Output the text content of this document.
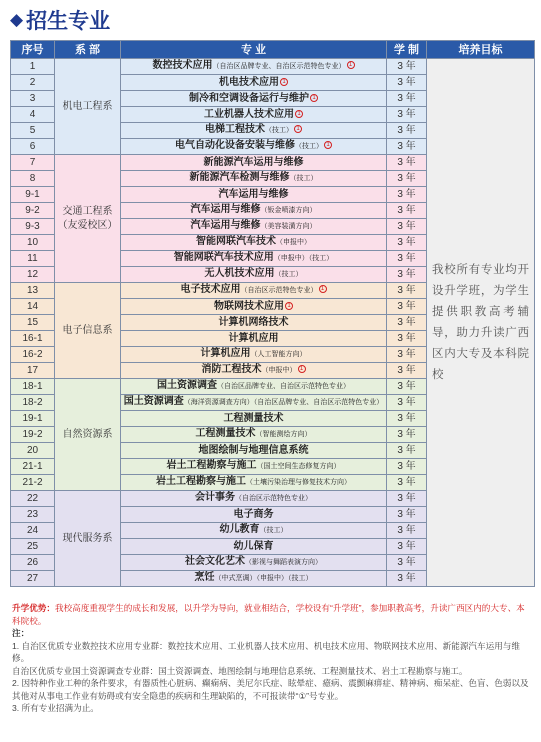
◆ 招生专业
序号	系 部	专 业	学 制	培养目标
1	机电工程系	数控技术应用（自治区品牌专业、自治区示范特色专业） 1	3 年	我校所有专业均开设升学班，为学生提供职教高考辅导，助力升读广西区内大专及本科院校
2		机电技术应用 1	3 年	
3		制冷和空调设备运行与维护 1	3 年	
4		工业机器人技术应用 1	3 年	
5		电梯工程技术（技工） 1	3 年	
6		电气自动化设备安装与维修（技工） 1	3 年	
7	交通工程系（友爱校区）	新能源汽车运用与维修	3 年	
8		新能源汽车检测与维修（技工）	3 年	
9-1		汽车运用与维修	3 年	
9-2		汽车运用与维修（钣金喷漆方向）	3 年	
9-3		汽车运用与维修（美容装潢方向）	3 年	
10		智能网联汽车技术（申报中）	3 年	
11		智能网联汽车技术应用（申报中）（技工）	3 年	
12		无人机技术应用（技工）	3 年	
13	电子信息系	电子技术应用（自治区示范特色专业） 1	3 年	
14		物联网技术应用 1	3 年	
15		计算机网络技术	3 年	
16-1		计算机应用	3 年	
16-2		计算机应用（人工智能方向）	3 年	
17		消防工程技术（申报中） 1	3 年	
18-1	自然资源系	国土资源调查（自治区品牌专业、自治区示范特色专业）	3 年	
18-2		国土资源调查（海洋资源调查方向）（自治区品牌专业、自治区示范特色专业）	3 年	
19-1		工程测量技术	3 年	
19-2		工程测量技术（智能测绘方向）	3 年	
20		地图绘制与地理信息系统	3 年	
21-1		岩土工程勘察与施工（国土空间生态修复方向）	3 年	
21-2		岩土工程勘察与施工（土壤污染治理与修复技术方向）	3 年	
22	现代服务系	会计事务（自治区示范特色专业）	3 年	
23		电子商务	3 年	
24		幼儿教育（技工）	3 年	
25		幼儿保育	3 年	
26		社会文化艺术（影视与舞蹈表演方向）	3 年	
27		烹饪（中式烹调）（申报中）（技工）	3 年	
升学优势：我校高度重视学生的成长和发展，以升学为导向，就业相结合，学校设有“升学班”，参加职教高考，升读广西区内的大专、本科院校。
注：
1. 自治区优质专业数控技术应用专业群：数控技术应用、工业机器人技术应用、机电技术应用、物联网技术应用、新能源汽车运用与维修。
自治区优质专业国土资源调查专业群：国土资源调查、地图绘制与地理信息系统、工程测量技术、岩土工程勘察与施工。
2. 因特种作业工种的条件要求，有器质性心脏病、癫痫病、美尼尔氏症、眩晕症、癔病、震颤麻痹症、精神病、痴呆症、色盲、色弱以及其他对从事电工作业有妨碍或有安全隐患的疾病和生理缺陷的，不可报读带“①”号专业。
3. 所有专业招满为止。
